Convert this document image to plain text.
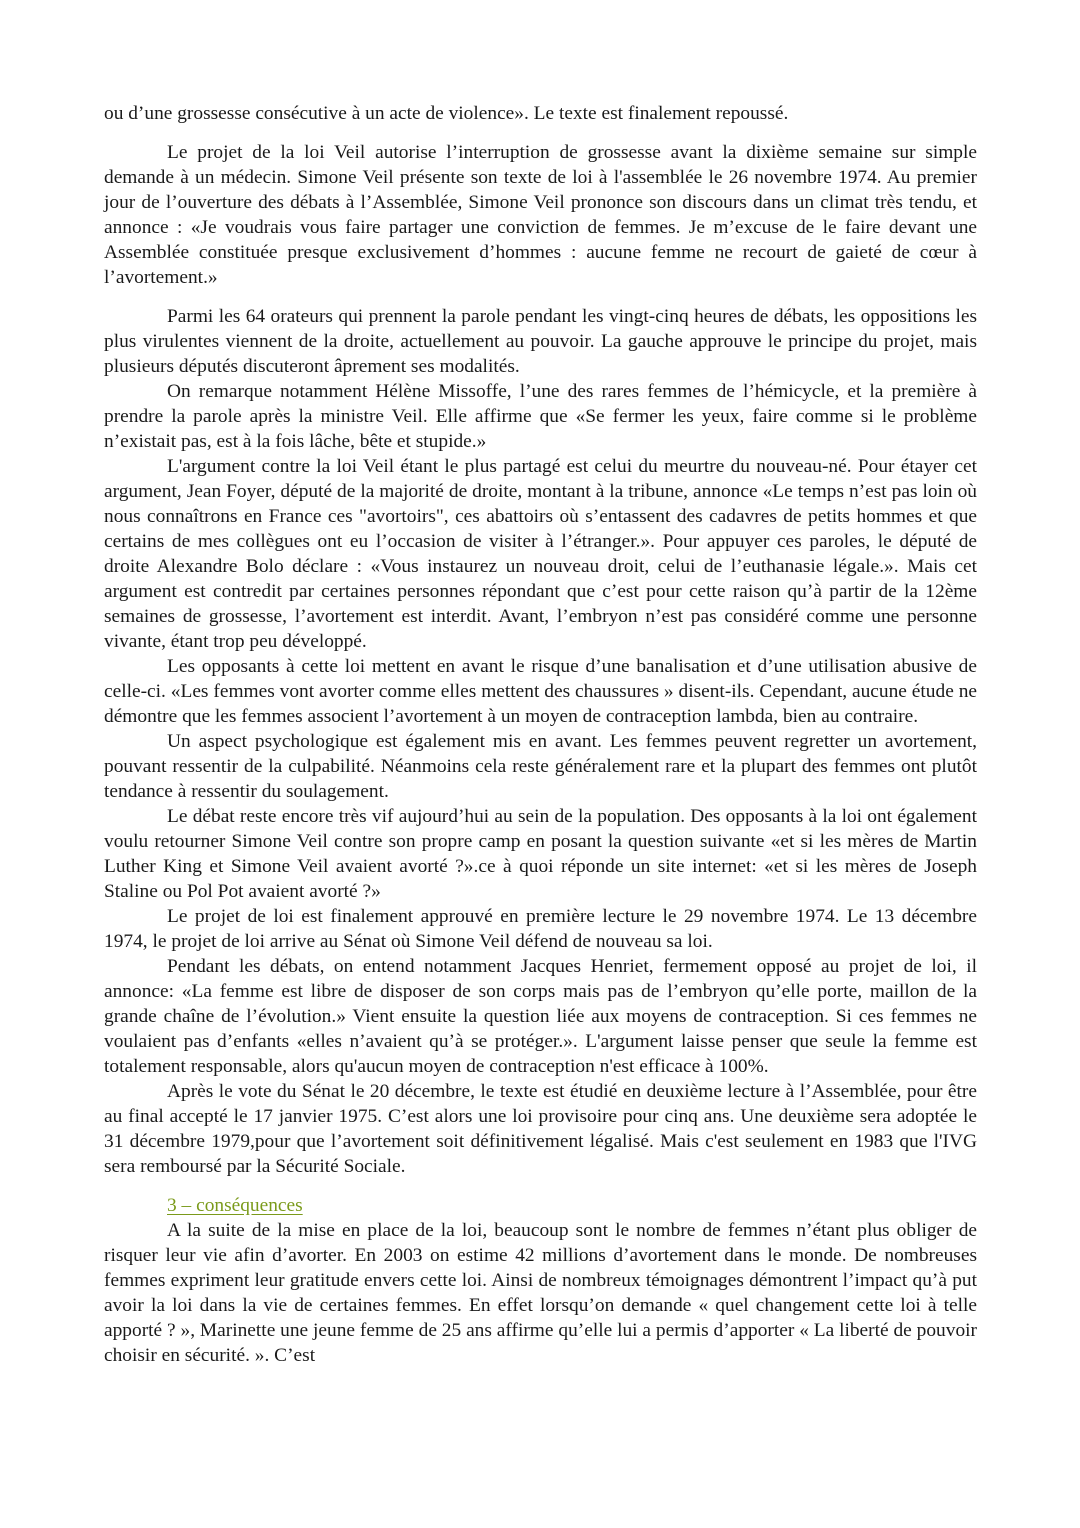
ou d’une grossesse consécutive à un acte de violence». Le texte est finalement repoussé.

Le projet de la loi Veil autorise l’interruption de grossesse avant la dixième semaine sur simple demande à un médecin. Simone Veil présente son texte de loi à l'assemblée le 26 novembre 1974. Au premier jour de l’ouverture des débats à l’Assemblée, Simone Veil prononce son discours dans un climat très tendu, et annonce : «Je voudrais vous faire partager une conviction de femmes. Je m’excuse de le faire devant une Assemblée constituée presque exclusivement d’hommes : aucune femme ne recourt de gaieté de cœur à l’avortement.»

Parmi les 64 orateurs qui prennent la parole pendant les vingt-cinq heures de débats, les oppositions les plus virulentes viennent de la droite, actuellement au pouvoir. La gauche approuve le principe du projet, mais plusieurs députés discuteront âprement ses modalités.

On remarque notamment Hélène Missoffe, l’une des rares femmes de l’hémicycle, et la première à prendre la parole après la ministre Veil. Elle affirme que «Se fermer les yeux, faire comme si le problème n’existait pas, est à la fois lâche, bête et stupide.»

L'argument contre la loi Veil étant le plus partagé est celui du meurtre du nouveau-né. Pour étayer cet argument, Jean Foyer, député de la majorité de droite, montant à la tribune, annonce «Le temps n’est pas loin où nous connaîtrons en France ces "avortoirs", ces abattoirs où s’entassent des cadavres de petits hommes et que certains de mes collègues ont eu l’occasion de visiter à l’étranger.». Pour appuyer ces paroles, le député de droite Alexandre Bolo déclare : «Vous instaurez un nouveau droit, celui de l’euthanasie légale.». Mais cet argument est contredit par certaines personnes répondant que c’est pour cette raison qu’à partir de la 12ème semaines de grossesse, l’avortement est interdit. Avant, l’embryon n’est pas considéré comme une personne vivante, étant trop peu développé.

Les opposants à cette loi mettent en avant le risque d’une banalisation et d’une utilisation abusive de celle-ci. «Les femmes vont avorter comme elles mettent des chaussures » disent-ils. Cependant, aucune étude ne démontre que les femmes associent l’avortement à un moyen de contraception lambda, bien au contraire.

Un aspect psychologique est également mis en avant. Les femmes peuvent regretter un avortement, pouvant ressentir de la culpabilité. Néanmoins cela reste généralement rare et la plupart des femmes ont plutôt tendance à ressentir du soulagement.

Le débat reste encore très vif aujourd’hui au sein de la population. Des opposants à la loi ont également voulu retourner Simone Veil contre son propre camp en posant la question suivante «et si les mères de Martin Luther King et Simone Veil avaient avorté ?».ce à quoi réponde un site internet: «et si les mères de Joseph Staline ou Pol Pot avaient avorté ?»

Le projet de loi est finalement approuvé en première lecture le 29 novembre 1974. Le 13 décembre 1974, le projet de loi arrive au Sénat où Simone Veil défend de nouveau sa loi.

Pendant les débats, on entend notamment Jacques Henriet, fermement opposé au projet de loi, il annonce: «La femme est libre de disposer de son corps mais pas de l’embryon qu’elle porte, maillon de la grande chaîne de l’évolution.» Vient ensuite la question liée aux moyens de contraception. Si ces femmes ne voulaient pas d’enfants «elles n’avaient qu’à se protéger.». L'argument laisse penser que seule la femme est totalement responsable, alors qu'aucun moyen de contraception n'est efficace à 100%.

Après le vote du Sénat le 20 décembre, le texte est étudié en deuxième lecture à l’Assemblée, pour être au final accepté le 17 janvier 1975. C’est alors une loi provisoire pour cinq ans. Une deuxième sera adoptée le 31 décembre 1979,pour que l’avortement soit définitivement légalisé. Mais c'est seulement en 1983 que l'IVG sera remboursé par la Sécurité Sociale.

3 – conséquences

A la suite de la mise en place de la loi, beaucoup sont le nombre de femmes n’étant plus obliger de risquer leur vie afin d’avorter. En 2003 on estime 42 millions d’avortement dans le monde. De nombreuses femmes expriment leur gratitude envers cette loi. Ainsi de nombreux témoignages démontrent l’impact qu’à put avoir la loi dans la vie de certaines femmes. En effet lorsqu’on demande « quel changement cette loi à telle apporté ? », Marinette une jeune femme de 25 ans affirme qu’elle lui a permis d’apporter « La liberté de pouvoir choisir en sécurité. ». C’est
